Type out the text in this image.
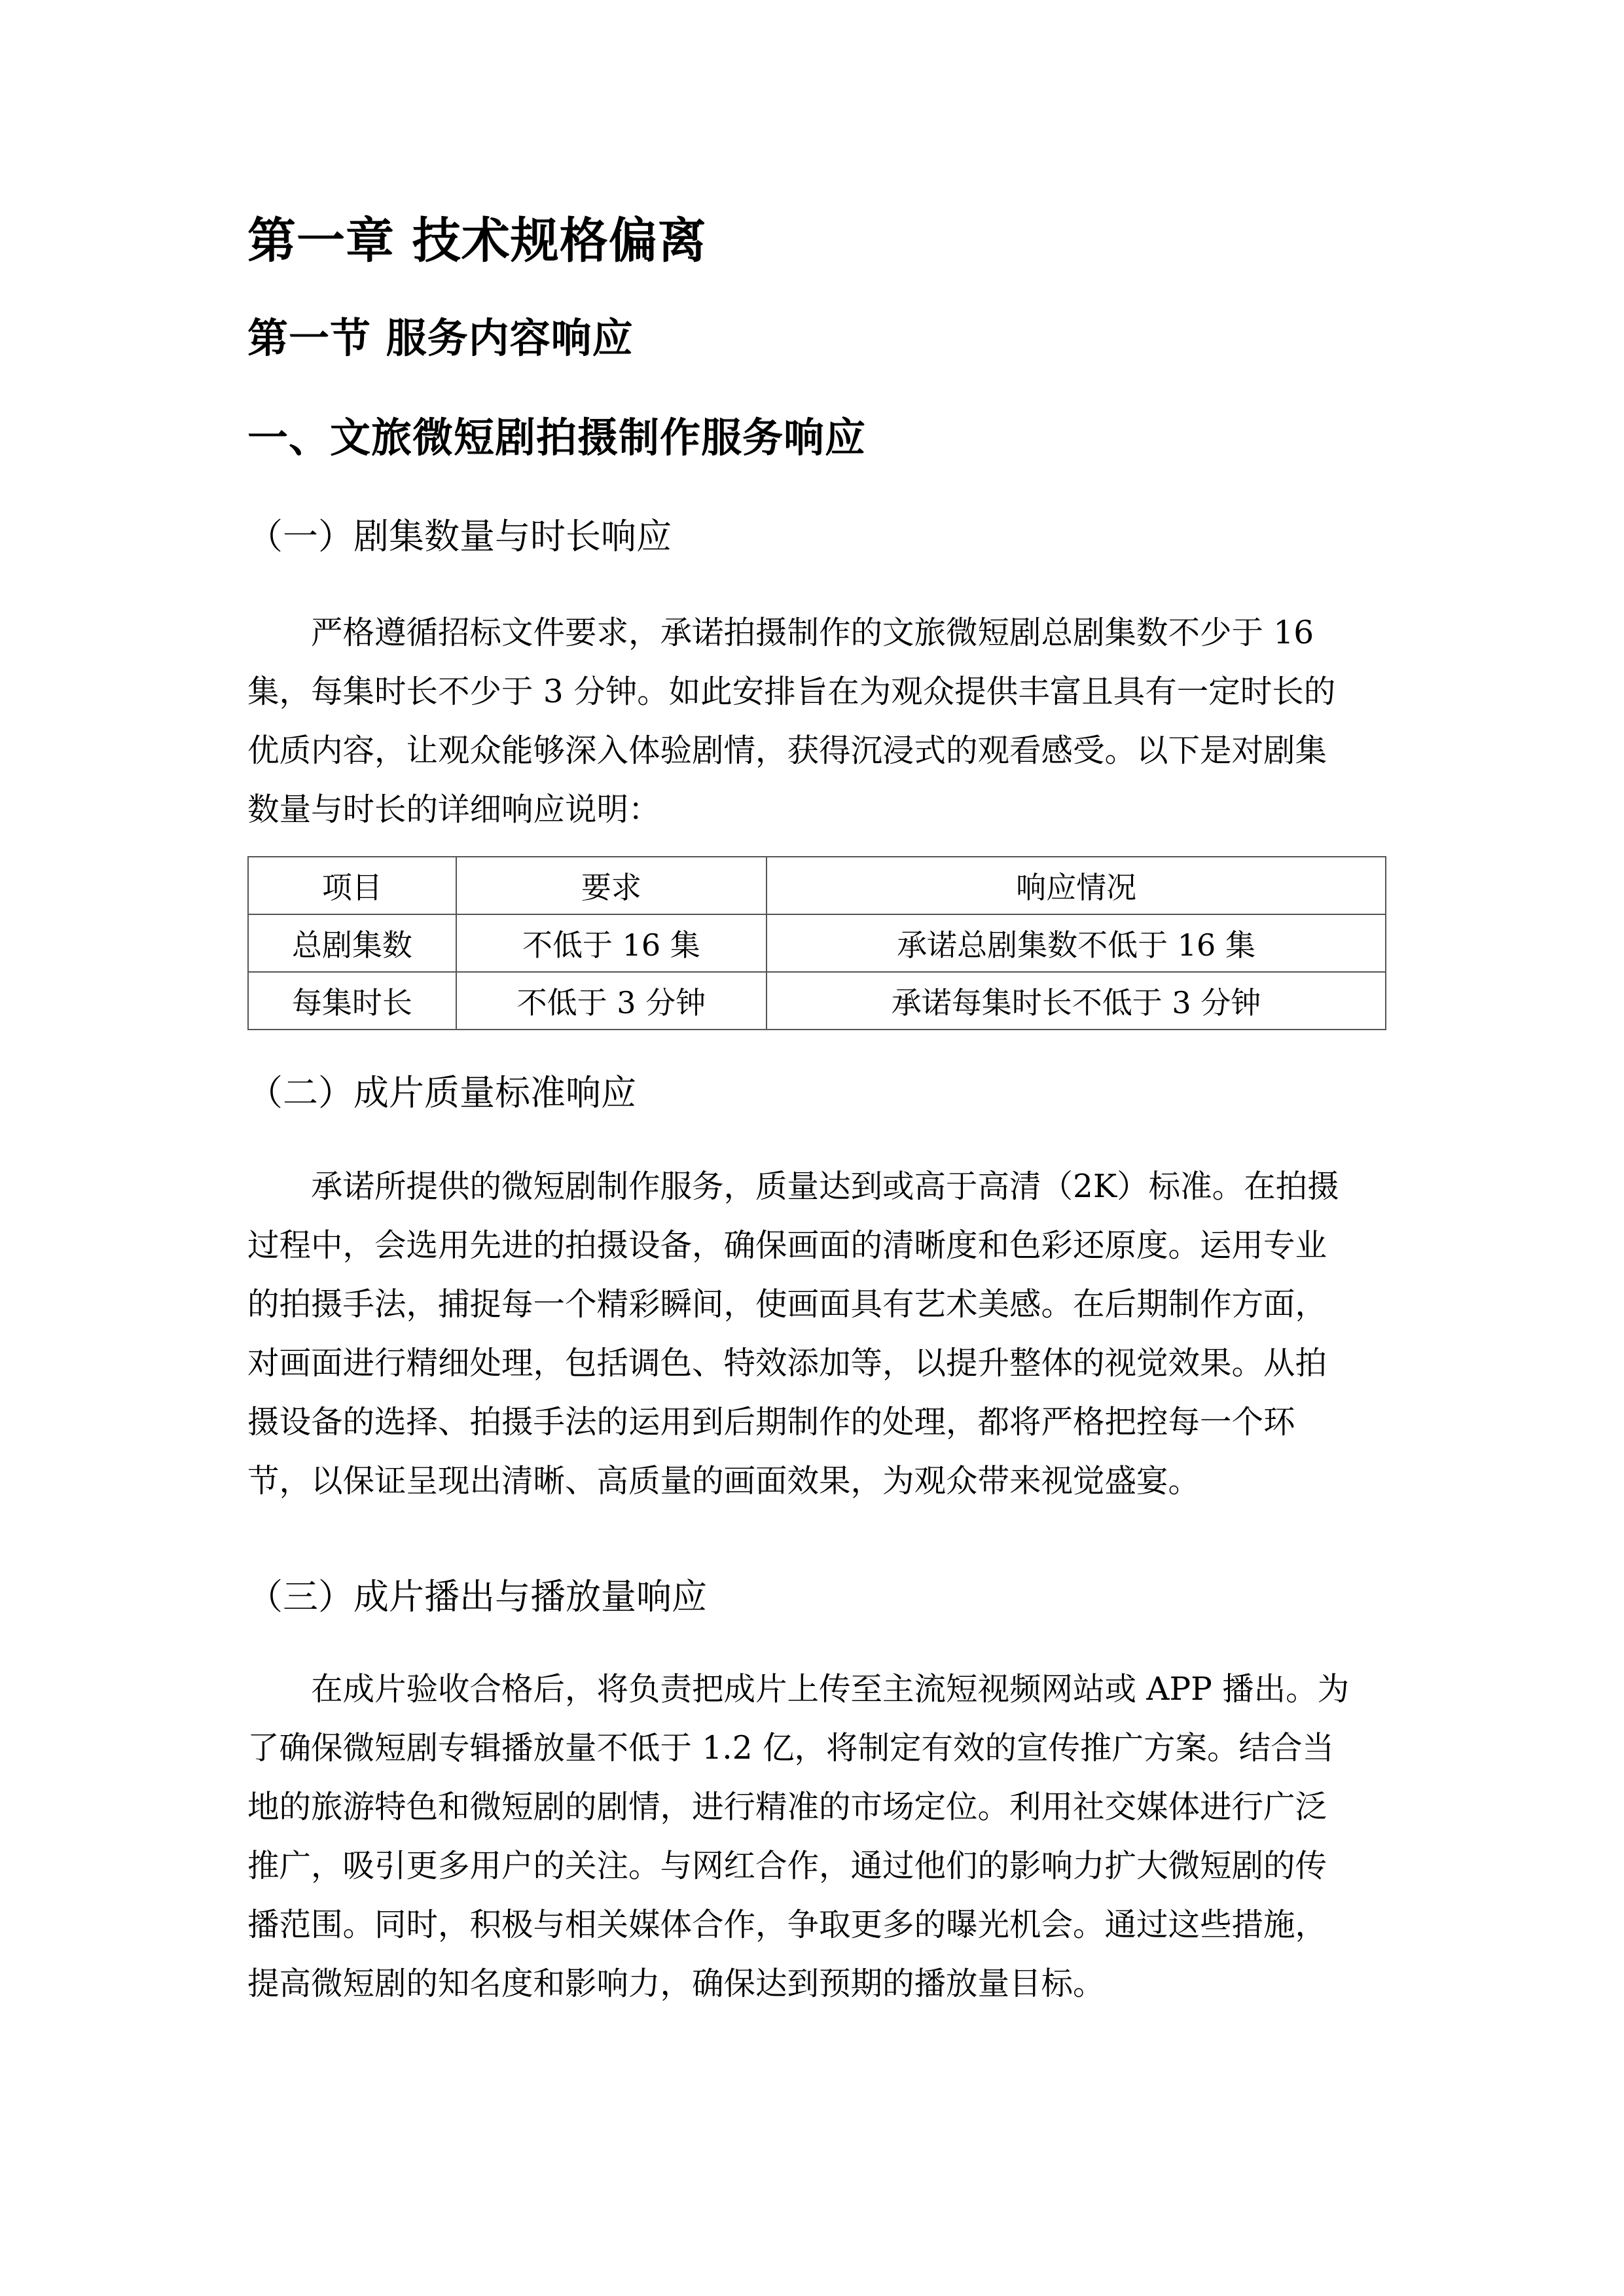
第一章 技术规格偏离
第一节 服务内容响应
一、文旅微短剧拍摄制作服务响应
（一）剧集数量与时长响应
严格遵循招标文件要求，承诺拍摄制作的文旅微短剧总剧集数不少于 16
集，每集时长不少于 3 分钟。如此安排旨在为观众提供丰富且具有一定时长的
优质内容，让观众能够深入体验剧情，获得沉浸式的观看感受。以下是对剧集
数量与时长的详细响应说明：
项目	要求	响应情况
总剧集数	不低于 16 集	承诺总剧集数不低于 16 集
每集时长	不低于 3 分钟	承诺每集时长不低于 3 分钟
（二）成片质量标准响应
承诺所提供的微短剧制作服务，质量达到或高于高清（2K）标准。在拍摄
过程中，会选用先进的拍摄设备，确保画面的清晰度和色彩还原度。运用专业
的拍摄手法，捕捉每一个精彩瞬间，使画面具有艺术美感。在后期制作方面，
对画面进行精细处理，包括调色、特效添加等，以提升整体的视觉效果。从拍
摄设备的选择、拍摄手法的运用到后期制作的处理，都将严格把控每一个环
节，以保证呈现出清晰、高质量的画面效果，为观众带来视觉盛宴。
（三）成片播出与播放量响应
在成片验收合格后，将负责把成片上传至主流短视频网站或 APP 播出。为
了确保微短剧专辑播放量不低于 1.2 亿，将制定有效的宣传推广方案。结合当
地的旅游特色和微短剧的剧情，进行精准的市场定位。利用社交媒体进行广泛
推广，吸引更多用户的关注。与网红合作，通过他们的影响力扩大微短剧的传
播范围。同时，积极与相关媒体合作，争取更多的曝光机会。通过这些措施，
提高微短剧的知名度和影响力，确保达到预期的播放量目标。
